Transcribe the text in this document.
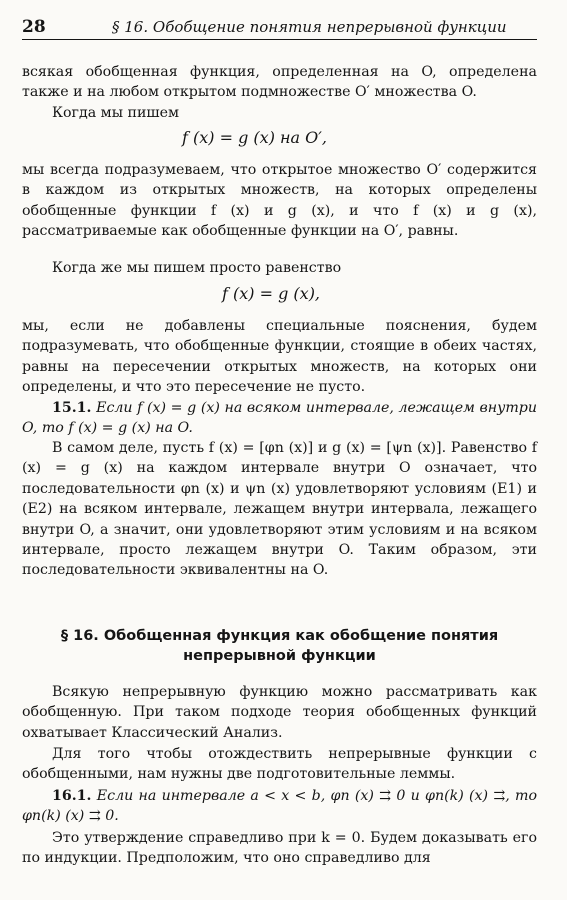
28	§ 16. Обобщение понятия непрерывной функции
всякая обобщенная функция, определенная на O, определена также и на любом открытом подмножестве O′ множества O.
Когда мы пишем
f (x) = g (x) на O′,
мы всегда подразумеваем, что открытое множество O′ содержится в каждом из открытых множеств, на которых определены обобщенные функции f (x) и g (x), и что f (x) и g (x), рассматриваемые как обобщенные функции на O′, равны.
Когда же мы пишем просто равенство
f (x) = g (x),
мы, если не добавлены специальные пояснения, будем подразумевать, что обобщенные функции, стоящие в обеих частях, равны на пересечении открытых множеств, на которых они определены, и что это пересечение не пусто.
15.1. Если f (x) = g (x) на всяком интервале, лежащем внутри O, то f (x) = g (x) на O.
В самом деле, пусть f (x) = [φn (x)] и g (x) = [ψn (x)]. Равенство f (x) = g (x) на каждом интервале внутри O означает, что последовательности φn (x) и ψn (x) удовлетворяют условиям (E1) и (E2) на всяком интервале, лежащем внутри интервала, лежащего внутри O, а значит, они удовлетворяют этим условиям и на всяком интервале, просто лежащем внутри O. Таким образом, эти последовательности эквивалентны на O.
§ 16. Обобщенная функция как обобщение понятия
непрерывной функции
Всякую непрерывную функцию можно рассматривать как обобщенную. При таком подходе теория обобщенных функций охватывает Классический Анализ.
Для того чтобы отождествить непрерывные функции с обобщенными, нам нужны две подготовительные леммы.
16.1. Если на интервале a < x < b, φn (x) ⇉ 0 и φn(k) (x) ⇉, то φn(k) (x) ⇉ 0.
Это утверждение справедливо при k = 0. Будем доказывать его по индукции. Предположим, что оно справедливо для
